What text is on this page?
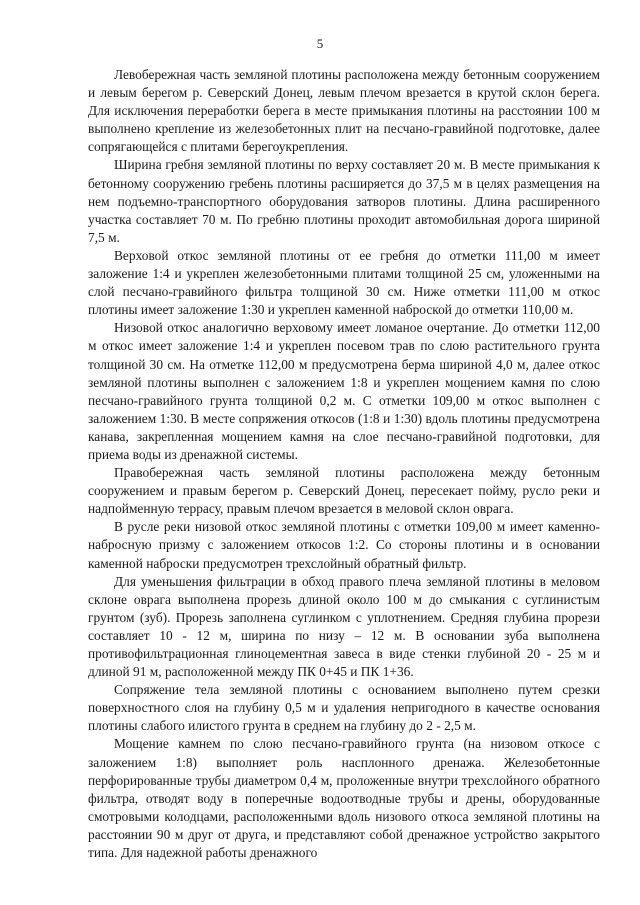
5

Левобережная часть земляной плотины расположена между бетонным сооружением и левым берегом р. Северский Донец, левым плечом врезается в крутой склон берега. Для исключения переработки берега в месте примыкания плотины на расстоянии 100 м выполнено крепление из железобетонных плит на песчано-гравийной подготовке, далее сопрягающейся с плитами берегоукрепления.

Ширина гребня земляной плотины по верху составляет 20 м. В месте примыкания к бетонному сооружению гребень плотины расширяется до 37,5 м в целях размещения на нем подъемно-транспортного оборудования затворов плотины. Длина расширенного участка составляет 70 м. По гребню плотины проходит автомобильная дорога шириной 7,5 м.

Верховой откос земляной плотины от ее гребня до отметки 111,00 м имеет заложение 1:4 и укреплен железобетонными плитами толщиной 25 см, уложенными на слой песчано-гравийного фильтра толщиной 30 см. Ниже отметки 111,00 м откос плотины имеет заложение 1:30 и укреплен каменной наброской до отметки 110,00 м.

Низовой откос аналогично верховому имеет ломаное очертание. До отметки 112,00 м откос имеет заложение 1:4 и укреплен посевом трав по слою растительного грунта толщиной 30 см. На отметке 112,00 м предусмотрена берма шириной 4,0 м, далее откос земляной плотины выполнен с заложением 1:8 и укреплен мощением камня по слою песчано-гравийного грунта толщиной 0,2 м. С отметки 109,00 м откос выполнен с заложением 1:30. В месте сопряжения откосов (1:8 и 1:30) вдоль плотины предусмотрена канава, закрепленная мощением камня на слое песчано-гравийной подготовки, для приема воды из дренажной системы.

Правобережная часть земляной плотины расположена между бетонным сооружением и правым берегом р. Северский Донец, пересекает пойму, русло реки и надпойменную террасу, правым плечом врезается в меловой склон оврага.

В русле реки низовой откос земляной плотины с отметки 109,00 м имеет каменно-набросную призму с заложением откосов 1:2. Со стороны плотины и в основании каменной наброски предусмотрен трехслойный обратный фильтр.

Для уменьшения фильтрации в обход правого плеча земляной плотины в меловом склоне оврага выполнена прорезь длиной около 100 м до смыкания с суглинистым грунтом (зуб). Прорезь заполнена суглинком с уплотнением. Средняя глубина прорези составляет 10 - 12 м, ширина по низу – 12 м. В основании зуба выполнена противофильтрационная глиноцементная завеса в виде стенки глубиной 20 - 25 м и длиной 91 м, расположенной между ПК 0+45 и ПК 1+36.

Сопряжение тела земляной плотины с основанием выполнено путем срезки поверхностного слоя на глубину 0,5 м и удаления непригодного в качестве основания плотины слабого илистого грунта в среднем на глубину до 2 - 2,5 м.

Мощение камнем по слою песчано-гравийного грунта (на низовом откосе с заложением 1:8) выполняет роль насплонного дренажа. Железобетонные перфорированные трубы диаметром 0,4 м, проложенные внутри трехслойного обратного фильтра, отводят воду в поперечные водоотводные трубы и дрены, оборудованные смотровыми колодцами, расположенными вдоль низового откоса земляной плотины на расстоянии 90 м друг от друга, и представляют собой дренажное устройство закрытого типа. Для надежной работы дренажного
